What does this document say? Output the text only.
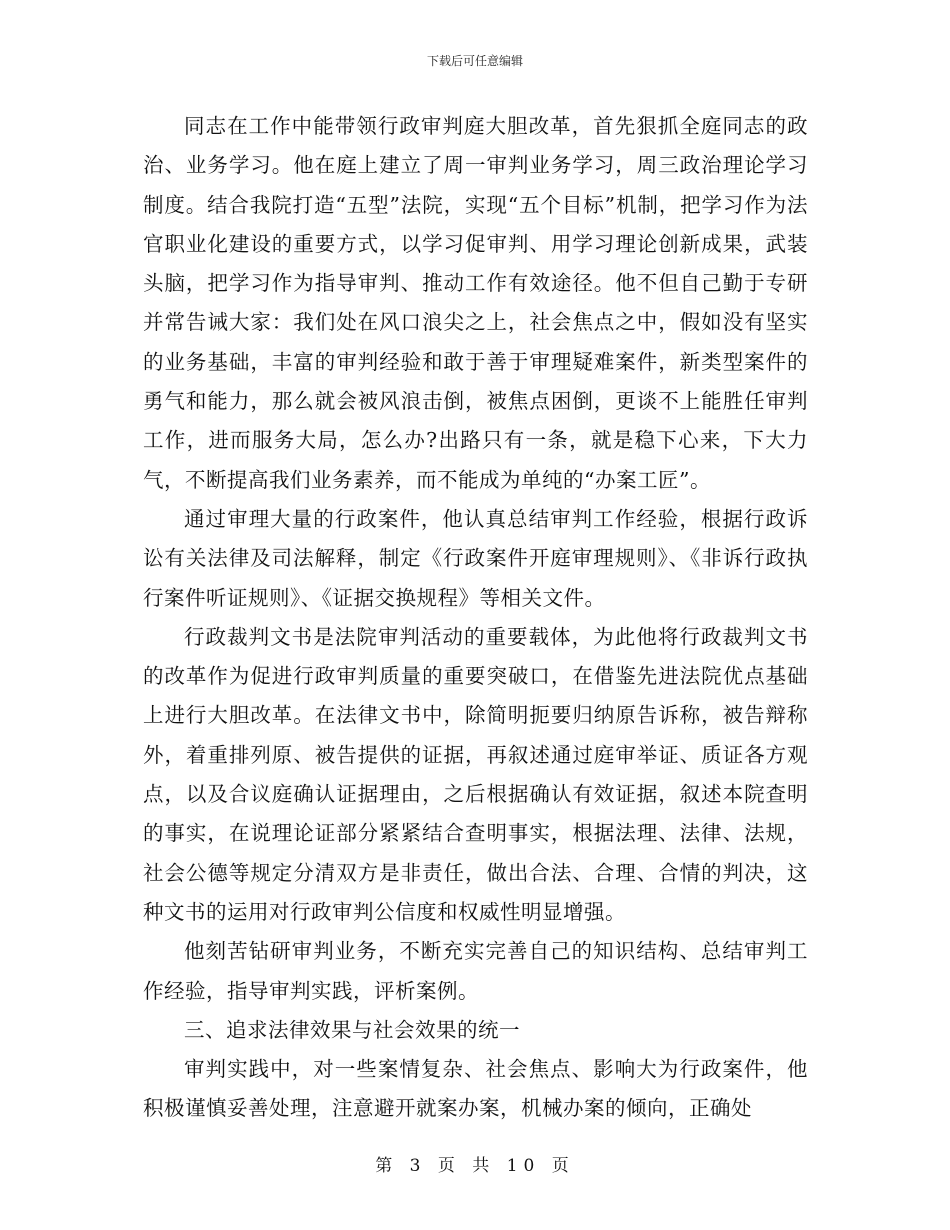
下载后可任意编辑

同志在工作中能带领行政审判庭大胆改革，首先狠抓全庭同志的政治、业务学习。他在庭上建立了周一审判业务学习，周三政治理论学习制度。结合我院打造“五型”法院，实现“五个目标”机制，把学习作为法官职业化建设的重要方式，以学习促审判、用学习理论创新成果，武装头脑，把学习作为指导审判、推动工作有效途径。他不但自己勤于专研并常告诫大家：我们处在风口浪尖之上，社会焦点之中，假如没有坚实的业务基础，丰富的审判经验和敢于善于审理疑难案件，新类型案件的勇气和能力，那么就会被风浪击倒，被焦点困倒，更谈不上能胜任审判工作，进而服务大局，怎么办?出路只有一条，就是稳下心来，下大力气，不断提高我们业务素养，而不能成为单纯的“办案工匠”。

通过审理大量的行政案件，他认真总结审判工作经验，根据行政诉讼有关法律及司法解释，制定《行政案件开庭审理规则》、《非诉行政执行案件听证规则》、《证据交换规程》等相关文件。

行政裁判文书是法院审判活动的重要载体，为此他将行政裁判文书的改革作为促进行政审判质量的重要突破口，在借鉴先进法院优点基础上进行大胆改革。在法律文书中，除简明扼要归纳原告诉称，被告辩称外，着重排列原、被告提供的证据，再叙述通过庭审举证、质证各方观点，以及合议庭确认证据理由，之后根据确认有效证据，叙述本院查明的事实，在说理论证部分紧紧结合查明事实，根据法理、法律、法规，社会公德等规定分清双方是非责任，做出合法、合理、合情的判决，这种文书的运用对行政审判公信度和权威性明显增强。

他刻苦钻研审判业务，不断充实完善自己的知识结构、总结审判工作经验，指导审判实践，评析案例。

三、追求法律效果与社会效果的统一

审判实践中，对一些案情复杂、社会焦点、影响大为行政案件，他积极谨慎妥善处理，注意避开就案办案，机械办案的倾向，正确处

第 3 页 共 10 页
